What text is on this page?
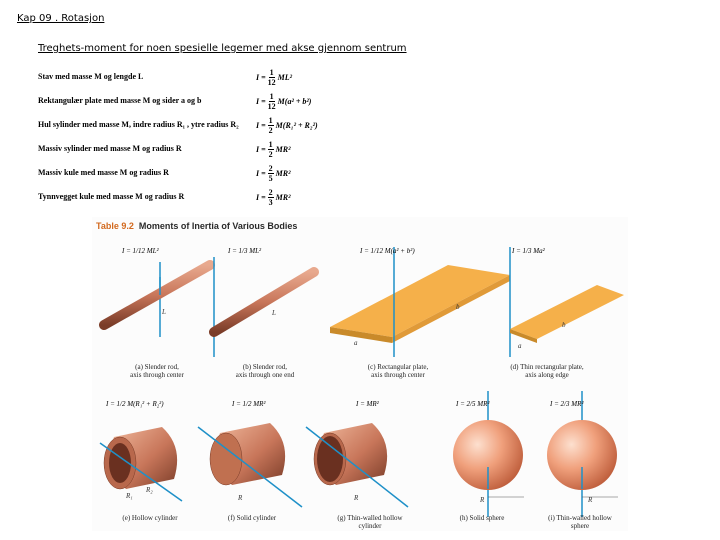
Kap 09 . Rotasjon
Treghets-moment for noen spesielle legemer med akse gjennom sentrum
Stav med masse M og lengde L	$I = \frac{1}{12} ML^2$
Rektangulær plate med masse M og sider a og b	$I = \frac{1}{12} M(a^2 + b^2)$
Hul sylinder med masse M, indre radius R₁ , ytre radius R₂ $I = \frac{1}{2} M(R_1^2 + R_2^2)$
Massiv sylinder med masse M og radius R	$I = \frac{1}{2} MR^2$
Massiv kule med masse M og radius R	$I = \frac{2}{5} MR^2$
Tynnvegget kule med masse M og radius R	$I = \frac{2}{3} MR^2$
Table 9.2 Moments of Inertia of Various Bodies
L	L
b
a
b
a
R₁
R₂
R	R	R	R
I = 1/12 ML²	I = 1/3 ML²	I = 1/12 M(a² + b²)	I = 1/3 Ma²
(a) Slender rod,
axis through center
(b) Slender rod,
axis through one end
(c) Rectangular plate,
axis through center
(d) Thin rectangular plate,
axis along edge
I = 1/2 M(R₁² + R₂²)	I = 1/2 MR²	I = MR²	I = 2/5 MR²	I = 2/3 MR²
(e) Hollow cylinder	(f) Solid cylinder	(g) Thin-walled hollow
cylinder
(h) Solid sphere	(i) Thin-walled hollow
sphere
